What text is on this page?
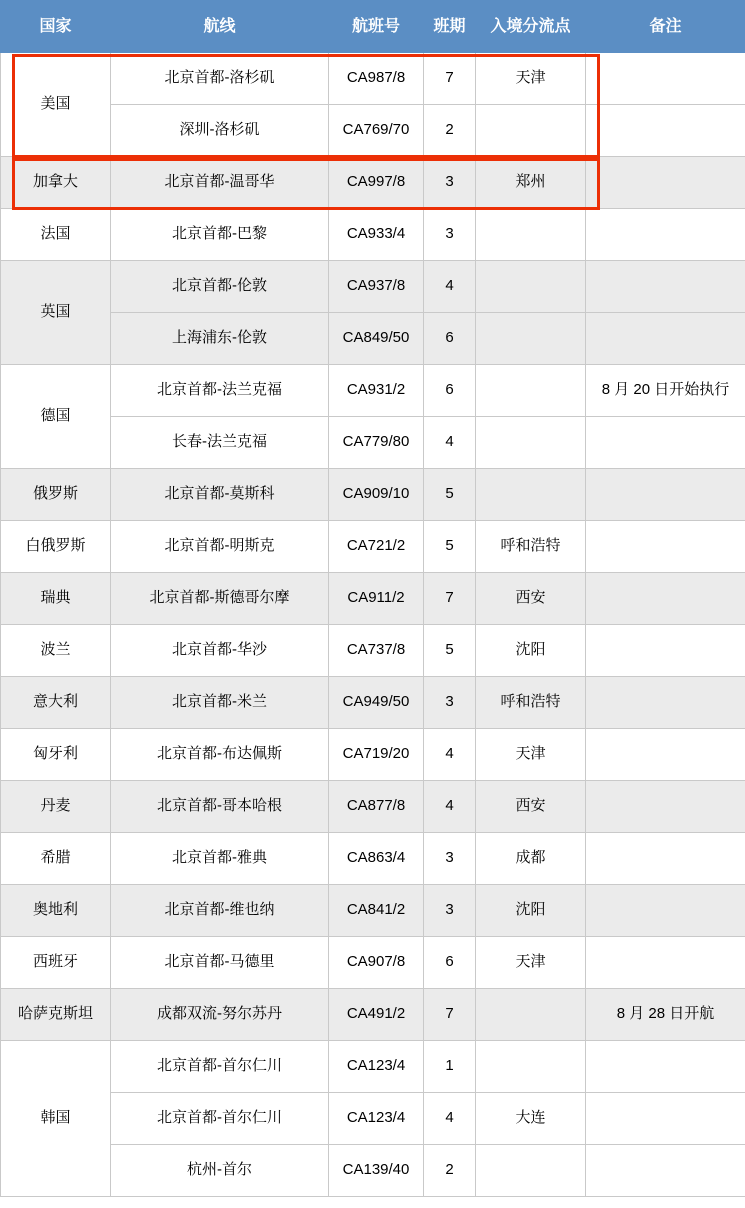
国家	航线	航班号	班期	入境分流点	备注
美国	北京首都-洛杉矶	CA987/8	7	天津	
	深圳-洛杉矶	CA769/70	2		
加拿大	北京首都-温哥华	CA997/8	3	郑州	
法国	北京首都-巴黎	CA933/4	3		
英国	北京首都-伦敦	CA937/8	4		
	上海浦东-伦敦	CA849/50	6		
德国	北京首都-法兰克福	CA931/2	6		8 月 20 日开始执行
	长春-法兰克福	CA779/80	4		
俄罗斯	北京首都-莫斯科	CA909/10	5		
白俄罗斯	北京首都-明斯克	CA721/2	5	呼和浩特	
瑞典	北京首都-斯德哥尔摩	CA911/2	7	西安	
波兰	北京首都-华沙	CA737/8	5	沈阳	
意大利	北京首都-米兰	CA949/50	3	呼和浩特	
匈牙利	北京首都-布达佩斯	CA719/20	4	天津	
丹麦	北京首都-哥本哈根	CA877/8	4	西安	
希腊	北京首都-雅典	CA863/4	3	成都	
奥地利	北京首都-维也纳	CA841/2	3	沈阳	
西班牙	北京首都-马德里	CA907/8	6	天津	
哈萨克斯坦	成都双流-努尔苏丹	CA491/2	7		8 月 28 日开航
韩国	北京首都-首尔仁川	CA123/4	1		
	北京首都-首尔仁川	CA123/4	4	大连	
	杭州-首尔	CA139/40	2		
